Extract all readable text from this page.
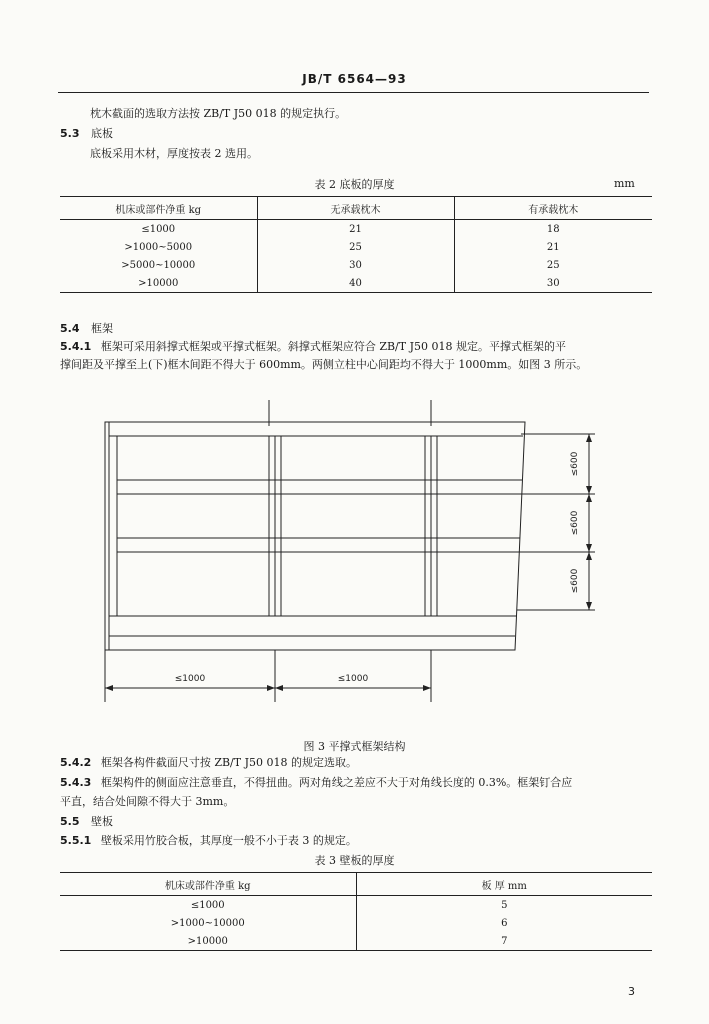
JB/T 6564—93
枕木截面的选取方法按 ZB/T J50 018 的规定执行。
5.3 底板
底板采用木材，厚度按表 2 选用。
表 2 底板的厚度	mm
机床或部件净重 kg	无承载枕木	有承载枕木
≤1000	21	18
>1000~5000	25	21
>5000~10000	30	25
>10000	40	30
5.4 框架
5.4.1 框架可采用斜撑式框架或平撑式框架。斜撑式框架应符合 ZB/T J50 018 规定。平撑式框架的平
撑间距及平撑至上(下)框木间距不得大于 600mm。两侧立柱中心间距均不得大于 1000mm。如图 3 所示。
≤1000	≤1000
≤600
≤600
≤600
图 3 平撑式框架结构
5.4.2 框架各构件截面尺寸按 ZB/T J50 018 的规定选取。
5.4.3 框架构件的侧面应注意垂直，不得扭曲。两对角线之差应不大于对角线长度的 0.3%。框架钉合应
平直，结合处间隙不得大于 3mm。
5.5 壁板
5.5.1 壁板采用竹胶合板，其厚度一般不小于表 3 的规定。
表 3 壁板的厚度
机床或部件净重 kg	板 厚 mm
≤1000	5
>1000~10000	6
>10000	7
3
